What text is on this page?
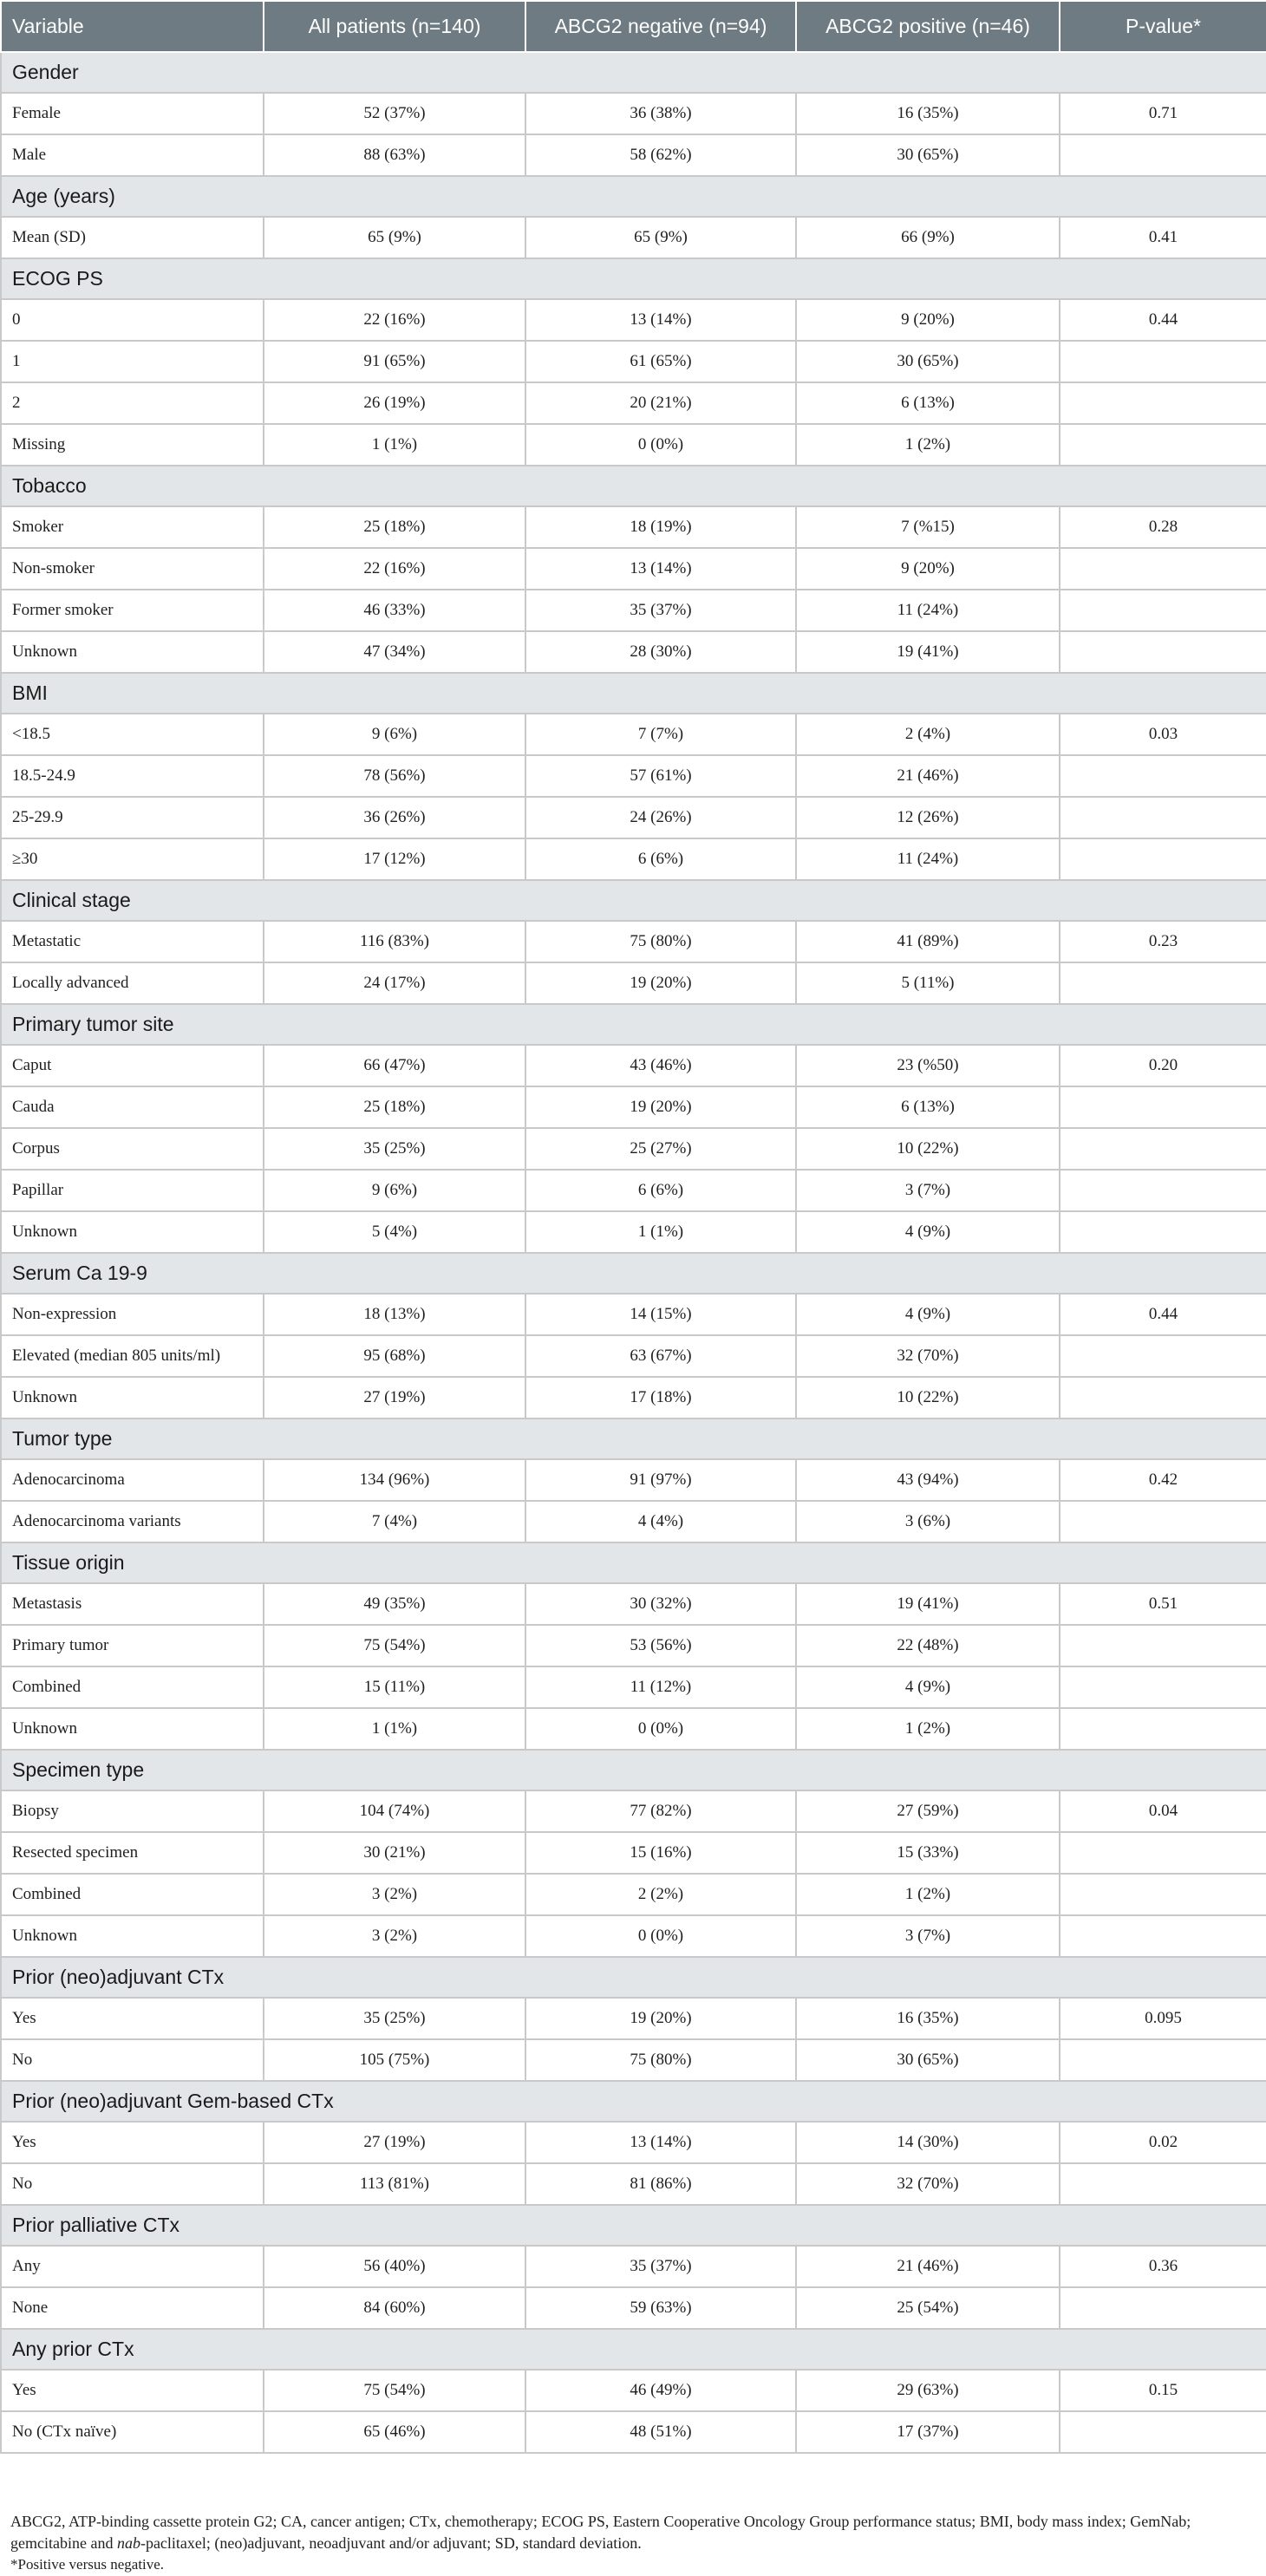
Variable	All patients (n=140)	ABCG2 negative (n=94)	ABCG2 positive (n=46)	P-value*
Gender				
Female	52 (37%)	36 (38%)	16 (35%)	0.71
Male	88 (63%)	58 (62%)	30 (65%)	
Age (years)				
Mean (SD)	65 (9%)	65 (9%)	66 (9%)	0.41
ECOG PS				
0	22 (16%)	13 (14%)	9 (20%)	0.44
1	91 (65%)	61 (65%)	30 (65%)	
2	26 (19%)	20 (21%)	6 (13%)	
Missing	1 (1%)	0 (0%)	1 (2%)	
Tobacco				
Smoker	25 (18%)	18 (19%)	7 (%15)	0.28
Non-smoker	22 (16%)	13 (14%)	9 (20%)	
Former smoker	46 (33%)	35 (37%)	11 (24%)	
Unknown	47 (34%)	28 (30%)	19 (41%)	
BMI				
<18.5	9 (6%)	7 (7%)	2 (4%)	0.03
18.5-24.9	78 (56%)	57 (61%)	21 (46%)	
25-29.9	36 (26%)	24 (26%)	12 (26%)	
≥30	17 (12%)	6 (6%)	11 (24%)	
Clinical stage				
Metastatic	116 (83%)	75 (80%)	41 (89%)	0.23
Locally advanced	24 (17%)	19 (20%)	5 (11%)	
Primary tumor site				
Caput	66 (47%)	43 (46%)	23 (%50)	0.20
Cauda	25 (18%)	19 (20%)	6 (13%)	
Corpus	35 (25%)	25 (27%)	10 (22%)	
Papillar	9 (6%)	6 (6%)	3 (7%)	
Unknown	5 (4%)	1 (1%)	4 (9%)	
Serum Ca 19-9				
Non-expression	18 (13%)	14 (15%)	4 (9%)	0.44
Elevated (median 805 units/ml)	95 (68%)	63 (67%)	32 (70%)	
Unknown	27 (19%)	17 (18%)	10 (22%)	
Tumor type				
Adenocarcinoma	134 (96%)	91 (97%)	43 (94%)	0.42
Adenocarcinoma variants	7 (4%)	4 (4%)	3 (6%)	
Tissue origin				
Metastasis	49 (35%)	30 (32%)	19 (41%)	0.51
Primary tumor	75 (54%)	53 (56%)	22 (48%)	
Combined	15 (11%)	11 (12%)	4 (9%)	
Unknown	1 (1%)	0 (0%)	1 (2%)	
Specimen type				
Biopsy	104 (74%)	77 (82%)	27 (59%)	0.04
Resected specimen	30 (21%)	15 (16%)	15 (33%)	
Combined	3 (2%)	2 (2%)	1 (2%)	
Unknown	3 (2%)	0 (0%)	3 (7%)	
Prior (neo)adjuvant CTx				
Yes	35 (25%)	19 (20%)	16 (35%)	0.095
No	105 (75%)	75 (80%)	30 (65%)	
Prior (neo)adjuvant Gem-based CTx				
Yes	27 (19%)	13 (14%)	14 (30%)	0.02
No	113 (81%)	81 (86%)	32 (70%)	
Prior palliative CTx				
Any	56 (40%)	35 (37%)	21 (46%)	0.36
None	84 (60%)	59 (63%)	25 (54%)	
Any prior CTx				
Yes	75 (54%)	46 (49%)	29 (63%)	0.15
No (CTx naïve)	65 (46%)	48 (51%)	17 (37%)	

ABCG2, ATP-binding cassette protein G2; CA, cancer antigen; CTx, chemotherapy; ECOG PS, Eastern Cooperative Oncology Group performance status; BMI, body mass index; GemNab;
gemcitabine and nab-paclitaxel; (neo)adjuvant, neoadjuvant and/or adjuvant; SD, standard deviation.

*Positive versus negative.
